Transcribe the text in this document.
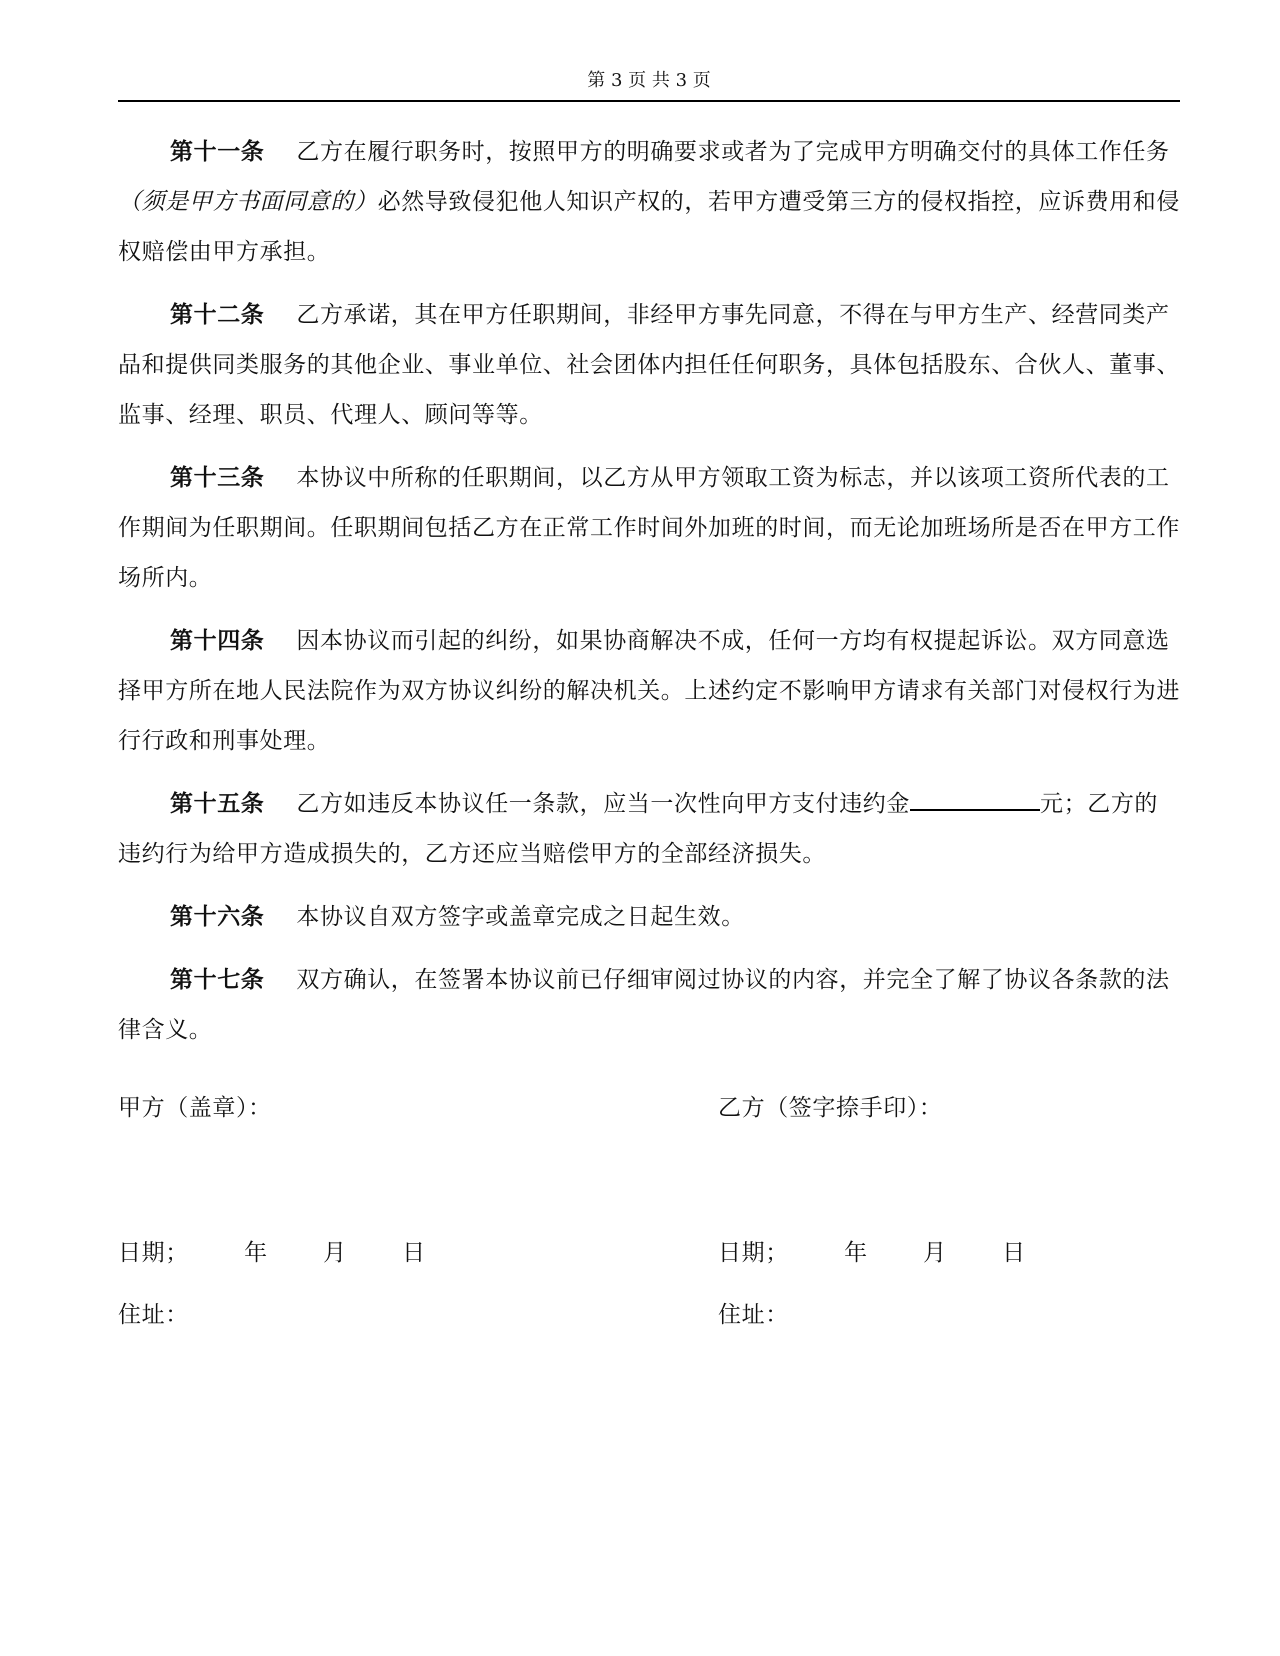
第 3 页 共 3 页

第十一条 乙方在履行职务时，按照甲方的明确要求或者为了完成甲方明确交付的具体工作任务（须是甲方书面同意的）必然导致侵犯他人知识产权的，若甲方遭受第三方的侵权指控，应诉费用和侵权赔偿由甲方承担。

第十二条 乙方承诺，其在甲方任职期间，非经甲方事先同意，不得在与甲方生产、经营同类产品和提供同类服务的其他企业、事业单位、社会团体内担任任何职务，具体包括股东、合伙人、董事、监事、经理、职员、代理人、顾问等等。

第十三条 本协议中所称的任职期间，以乙方从甲方领取工资为标志，并以该项工资所代表的工作期间为任职期间。任职期间包括乙方在正常工作时间外加班的时间，而无论加班场所是否在甲方工作场所内。

第十四条 因本协议而引起的纠纷，如果协商解决不成，任何一方均有权提起诉讼。双方同意选择甲方所在地人民法院作为双方协议纠纷的解决机关。上述约定不影响甲方请求有关部门对侵权行为进行行政和刑事处理。

第十五条 乙方如违反本协议任一条款，应当一次性向甲方支付违约金	元；乙方的违约行为给甲方造成损失的，乙方还应当赔偿甲方的全部经济损失。

第十六条 本协议自双方签字或盖章完成之日起生效。

第十七条 双方确认，在签署本协议前已仔细审阅过协议的内容，并完全了解了协议各条款的法律含义。

甲方（盖章）：	乙方（签字捺手印）：
日期；       年       月       日	日期；       年       月       日
住址：	住址：
